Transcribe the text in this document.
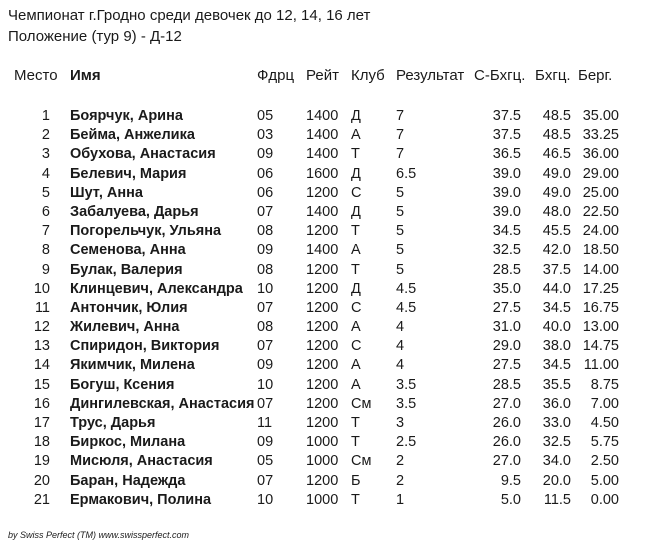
Чемпионат г.Гродно среди девочек до 12, 14, 16 лет
Положение (тур 9) - Д-12
Место Имя	Фдрц Рейт Клуб Результат С-Бхгц. Бхгц. Берг.
1 Боярчук, Арина	05 1400 Д 7	37.5	48.5 35.00
2 Бейма, Анжелика	03 1400 А 7	37.5	48.5 33.25
3 Обухова, Анастасия	09 1400 Т 7	36.5	46.5 36.00
4 Белевич, Мария	06 1600 Д 6.5	39.0	49.0 29.00
5 Шут, Анна	06 1200 С 5	39.0	49.0 25.00
6 Забалуева, Дарья	07 1400 Д 5	39.0	48.0 22.50
7 Погорельчук, Ульяна 08 1200 Т 5	34.5	45.5 24.00
8 Семенова, Анна	09 1400 А 5	32.5	42.0 18.50
9 Булак, Валерия	08 1200 Т 5	28.5	37.5 14.00
10 Клинцевич, Александра 10 1200 Д 4.5	35.0	44.0 17.25
11 Антончик, Юлия	07 1200 С 4.5	27.5	34.5 16.75
12 Жилевич, Анна	08 1200 А 4	31.0	40.0 13.00
13 Спиридон, Виктория	07 1200 С 4	29.0	38.0 14.75
14 Якимчик, Милена	09 1200 А 4	27.5	34.5 11.00
15 Богуш, Ксения	10 1200 А 3.5	28.5	35.5	8.75
16 Дингилевская, Анастасия 07 1200 См 3.5	27.0	36.0	7.00
17 Трус, Дарья	11 1200 Т 3	26.0	33.0	4.50
18 Биркос, Милана	09 1000 Т 2.5	26.0	32.5	5.75
19 Мисюля, Анастасия	05 1000 См 2	27.0	34.0	2.50
20 Баран, Надежда	07 1200 Б 2	9.5	20.0	5.00
21 Ермакович, Полина	10 1000 Т 1	5.0	11.5	0.00
by Swiss Perfect (TM) www.swissperfect.com
